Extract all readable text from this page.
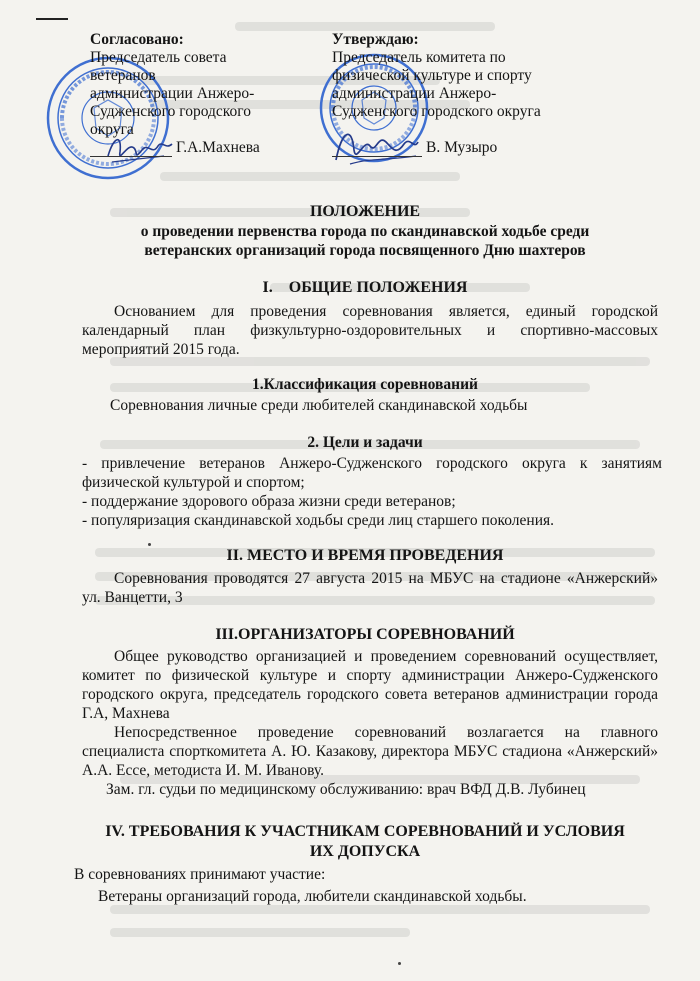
Согласовано:
Председатель совета
ветеранов
администрации Анжеро-
Судженского городского
округа
Г.А.Махнева
Утверждаю:
Председатель комитета по
физической культуре и спорту
администрации Анжеро-
Судженского городского округа
В. Музыро
ПОЛОЖЕНИЕ
о проведении первенства города по скандинавской ходьбе среди
ветеранских организаций города посвященного Дню шахтеров
I.    ОБЩИЕ ПОЛОЖЕНИЯ
Основанием для проведения соревнования является, единый городской календарный план физкультурно-оздоровительных и спортивно-массовых мероприятий 2015 года.
1.Классификация соревнований
Соревнования личные среди любителей скандинавской ходьбы
2. Цели и задачи
- привлечение ветеранов Анжеро-Судженского городского округа к занятиям физической культурой и спортом;
- поддержание здорового образа жизни среди ветеранов;
- популяризация скандинавской ходьбы среди лиц старшего поколения.
II. МЕСТО И ВРЕМЯ ПРОВЕДЕНИЯ
Соревнования проводятся 27 августа 2015 на МБУС на стадионе «Анжерский» ул. Ванцетти, 3
III.ОРГАНИЗАТОРЫ СОРЕВНОВАНИЙ
Общее руководство организацией и проведением соревнований осуществляет, комитет по физической культуре и спорту администрации Анжеро-Судженского городского округа, председатель городского совета ветеранов администрации города Г.А, Махнева
Непосредственное проведение соревнований возлагается на главного специалиста спорткомитета А. Ю. Казакову, директора МБУС стадиона «Анжерский» А.А. Ессе, методиста И. М. Иванову.
Зам. гл. судьи по медицинскому обслуживанию: врач ВФД Д.В. Лубинец
IV. ТРЕБОВАНИЯ К УЧАСТНИКАМ СОРЕВНОВАНИЙ И УСЛОВИЯ
ИХ ДОПУСКА
В соревнованиях принимают участие:
Ветераны организаций города, любители скандинавской ходьбы.
